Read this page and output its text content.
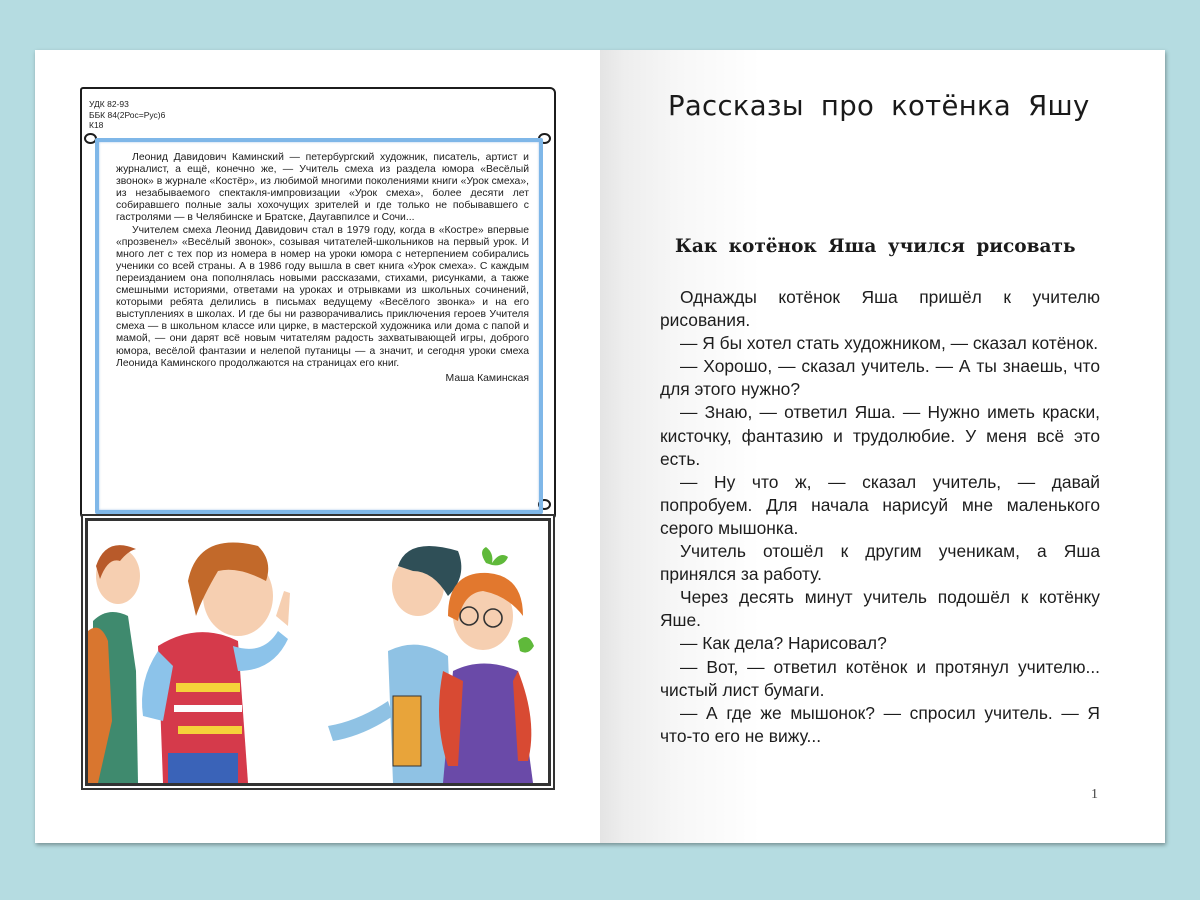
УДК 82-93
ББК 84(2Рос=Рус)6
К18

Леонид Давидович Каминский — петербургский художник, писатель, артист и журналист, а ещё, конечно же, — Учитель смеха из раздела юмора «Весёлый звонок» в журнале «Костёр», из любимой многими поколениями книги «Урок смеха», из незабываемого спектакля-импровизации «Урок смеха», более десяти лет собиравшего полные залы хохочущих зрителей и где только не побывавшего с гастролями — в Челябинске и Братске, Даугавпилсе и Сочи...

Учителем смеха Леонид Давидович стал в 1979 году, когда в «Костре» впервые «прозвенел» «Весёлый звонок», созывая читателей-школьников на первый урок. И много лет с тех пор из номера в номер на уроки юмора с нетерпением собирались ученики со всей страны. А в 1986 году вышла в свет книга «Урок смеха». С каждым переизданием она пополнялась новыми рассказами, стихами, рисунками, а также смешными историями, ответами на уроках и отрывками из школьных сочинений, которыми ребята делились в письмах ведущему «Весёлого звонка» и на его выступлениях в школах. И где бы ни разворачивались приключения героев Учителя смеха — в школьном классе или цирке, в мастерской художника или дома с папой и мамой, — они дарят всё новым читателям радость захватывающей игры, доброго юмора, весёлой фантазии и нелепой путаницы — а значит, и сегодня уроки смеха Леонида Каминского продолжаются на страницах его книг.

Маша Каминская

Рассказы про котёнка Яшу
Как котёнок Яша учился рисовать

Однажды котёнок Яша пришёл к учителю рисования.

— Я бы хотел стать художником, — сказал котёнок.

— Хорошо, — сказал учитель. — А ты знаешь, что для этого нужно?

— Знаю, — ответил Яша. — Нужно иметь краски, кисточку, фантазию и трудолюбие. У меня всё это есть.

— Ну что ж, — сказал учитель, — давай попробуем. Для начала нарисуй мне маленького серого мышонка.

Учитель отошёл к другим ученикам, а Яша принялся за работу.

Через десять минут учитель подошёл к котёнку Яше.

— Как дела? Нарисовал?

— Вот, — ответил котёнок и протянул учителю... чистый лист бумаги.

— А где же мышонок? — спросил учитель. — Я что-то его не вижу...

1
